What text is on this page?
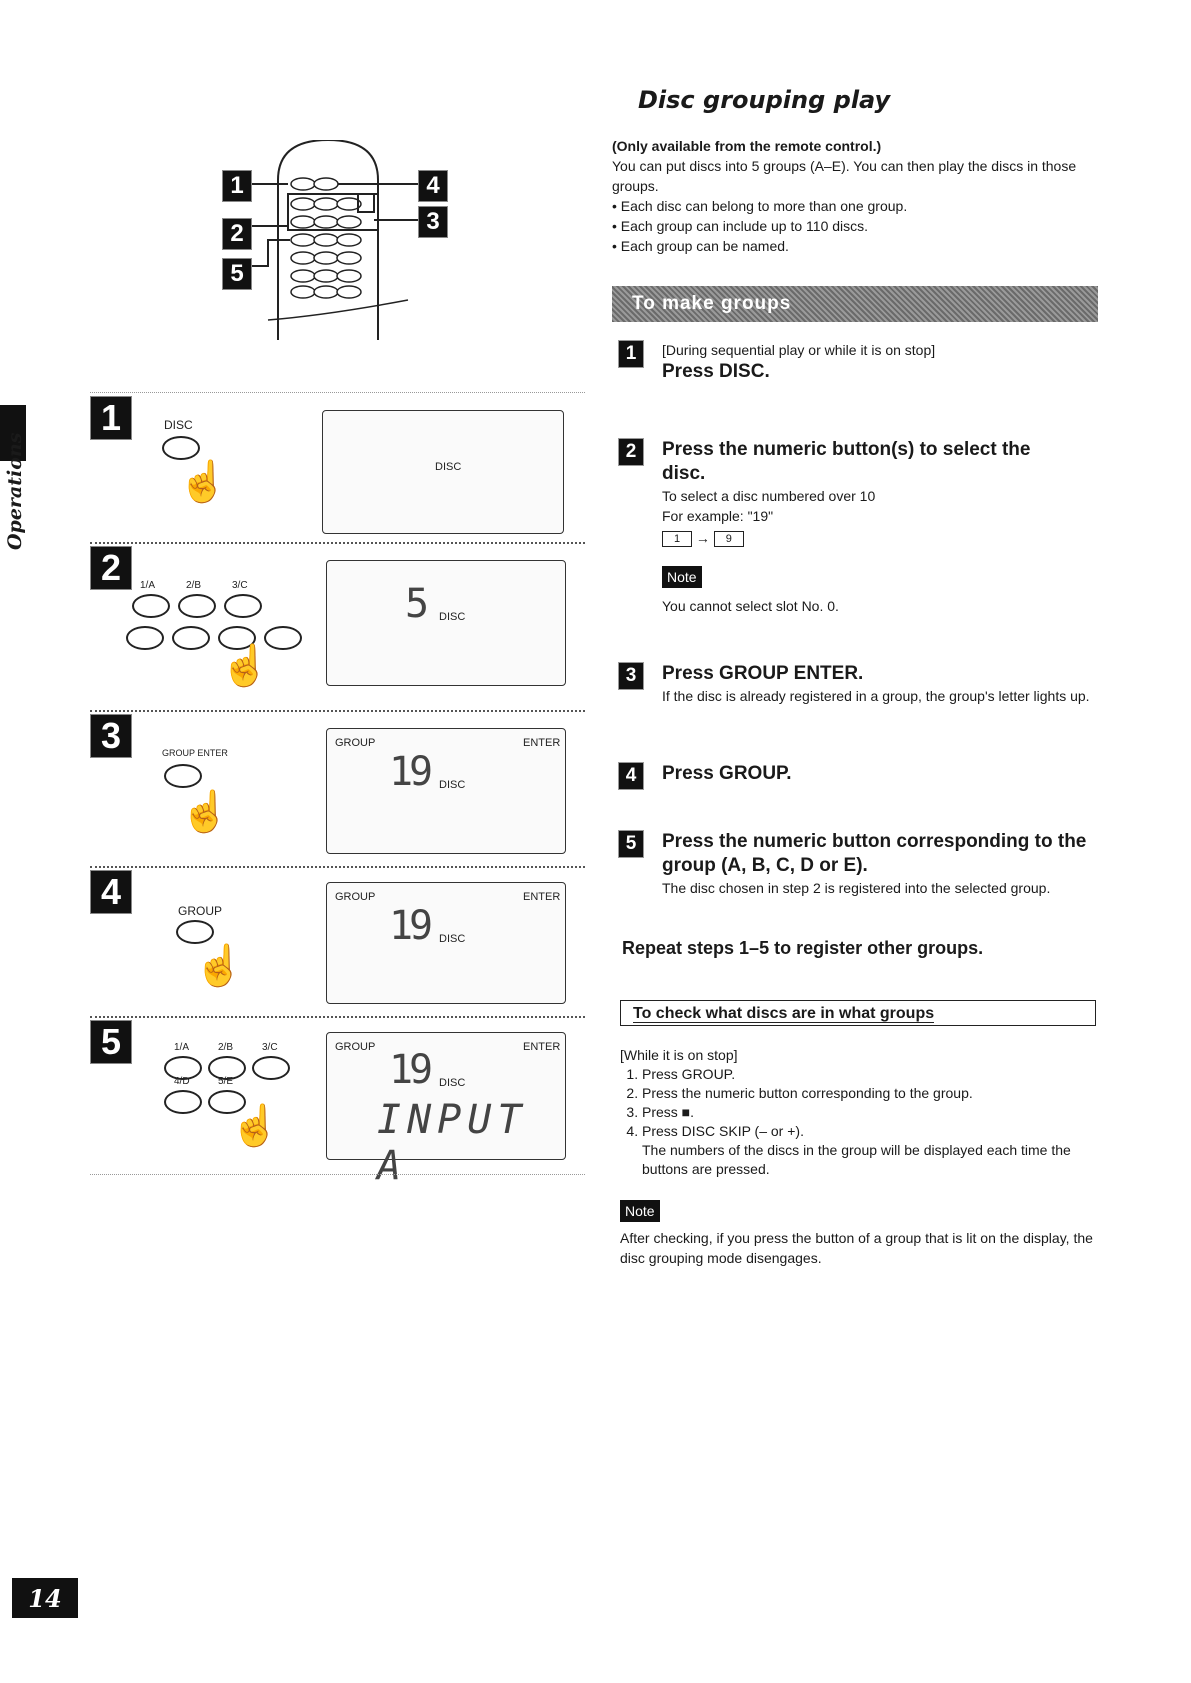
Operations
14
1
2
5
4
3
1	DISC
☝	DISC
2	1/A	2/B	3/C
☝
5 DISC
3	GROUP ENTER
☝
GROUP	ENTER
1
9 DISC
4	GROUP
☝
GROUP	ENTER
1
9 DISC
5	1/A	2/B	3/C
4/D	5/E
☝
GROUP	ENTER
1
9 DISC
INPUT A
Disc grouping play
(Only available from the remote control.)
You can put discs into 5 groups (A–E). You can then play the discs in those groups.
• Each disc can belong to more than one group.
• Each group can include up to 110 discs.
• Each group can be named.
To make groups
1	[During sequential play or while it is on stop]
Press DISC.
2	Press the numeric button(s) to select the disc.
To select a disc numbered over 10
For example: "19"
1 → 9
Note
You cannot select slot No. 0.
3	Press GROUP ENTER.
If the disc is already registered in a group, the group's letter lights up.
4	Press GROUP.
5	Press the numeric button corresponding to the group (A, B, C, D or E).
The disc chosen in step 2 is registered into the selected group.
Repeat steps 1–5 to register other groups.
To check what discs are in what groups
[While it is on stop]
1. Press GROUP.
2. Press the numeric button corresponding to the group.
3. Press ■.
4. Press DISC SKIP (– or +).
The numbers of the discs in the group will be displayed each time the buttons are pressed.
Note
After checking, if you press the button of a group that is lit on the display, the disc grouping mode disengages.
